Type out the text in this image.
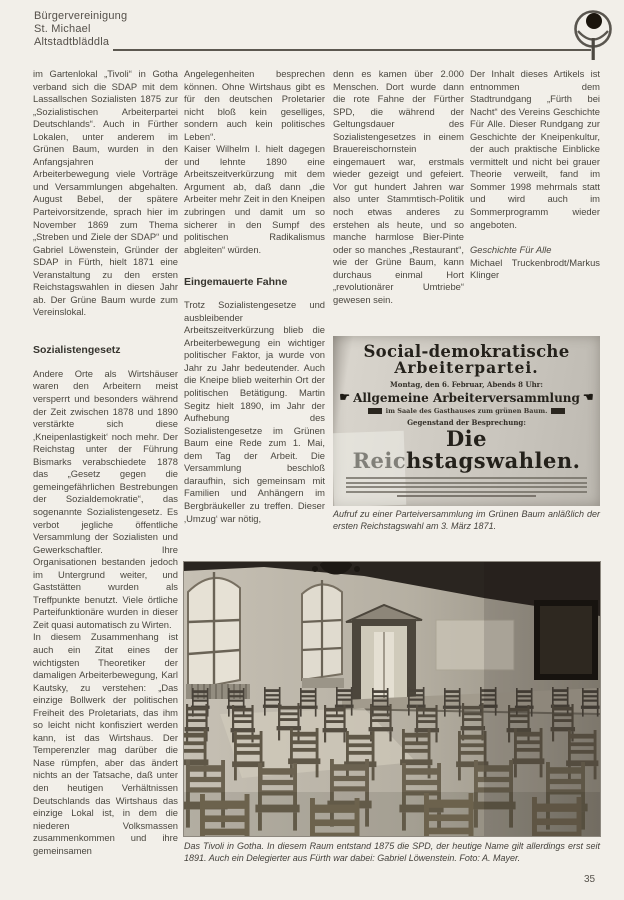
Bürgervereinigung
St. Michael
Altstadtbläddla

im Gartenlokal „Tivoli“ in Gotha verband sich die SDAP mit dem Lassallschen Sozialisten 1875 zur „Sozialistischen Arbeiterpartei Deutschlands“. Auch in Fürther Lokalen, unter anderem im Grünen Baum, wurden in den Anfangsjahren der Arbeiterbewegung viele Vorträge und Versammlungen abgehalten. August Bebel, der spätere Parteivorsitzende, sprach hier im November 1869 zum Thema „Streben und Ziele der SDAP“ und Gabriel Löwenstein, Gründer der SDAP in Fürth, hielt 1871 eine Veranstaltung zu den ersten Reichstagswahlen in diesen Jahr ab. Der Grüne Baum wurde zum Vereinslokal.

Sozialistengesetz

Andere Orte als Wirtshäuser waren den Arbeitern meist versperrt und besonders während der Zeit zwischen 1878 und 1890 verstärkte sich diese ‚Kneipenlastigkeit‘ noch mehr. Der Reichstag unter der Führung Bismarks verabschiedete 1878 das „Gesetz gegen die gemeingefährlichen Bestrebungen der Sozialdemokratie“, das sogenannte Sozialistengesetz. Es verbot jegliche öffentliche Versammlung der Sozialisten und Gewerkschaftler. Ihre Organisationen bestanden jedoch im Untergrund weiter, und Gaststätten wurden als Treffpunkte benutzt. Viele örtliche Parteifunktionäre wurden in dieser Zeit quasi automatisch zu Wirten.

In diesem Zusammenhang ist auch ein Zitat eines der wichtigsten Theoretiker der damaligen Arbeiterbewegung, Karl Kautsky, zu verstehen: „Das einzige Bollwerk der politischen Freiheit des Proletariats, das ihm so leicht nicht konfisziert werden kann, ist das Wirtshaus. Der Temperenzler mag darüber die Nase rümpfen, aber das ändert nichts an der Tatsache, daß unter den heutigen Verhältnissen Deutschlands das Wirtshaus das einzige Lokal ist, in dem die niederen Volksmassen zusammenkommen und ihre gemeinsamen

Angelegenheiten besprechen können. Ohne Wirtshaus gibt es für den deutschen Proletarier nicht bloß kein geselliges, sondern auch kein politisches Leben“.

Kaiser Wilhelm I. hielt dagegen und lehnte 1890 eine Arbeitszeitverkürzung mit dem Argument ab, daß dann „die Arbeiter mehr Zeit in den Kneipen zubringen und damit um so sicherer in den Sumpf des politischen Radikalismus abgleiten“ würden.

Eingemauerte Fahne

Trotz Sozialistengesetze und ausbleibender Arbeitszeitverkürzung blieb die Arbeiterbewegung ein wichtiger politischer Faktor, ja wurde von Jahr zu Jahr bedeutender. Auch die Kneipe blieb weiterhin Ort der politischen Betätigung. Martin Segitz hielt 1890, im Jahr der Aufhebung des Sozialistengesetze im Grünen Baum eine Rede zum 1. Mai, dem Tag der Arbeit. Die Versammlung beschloß daraufhin, sich gemeinsam mit Familien und Anhängern im Bergbräukeller zu treffen. Dieser ‚Umzug‘ war nötig,

denn es kamen über 2.000 Menschen. Dort wurde dann die rote Fahne der Fürther SPD, die während der Geltungsdauer des Sozialistengesetzes in einem Brauereischornstein eingemauert war, erstmals wieder gezeigt und gefeiert. Vor gut hundert Jahren war also unter Stammtisch-Politik noch etwas anderes zu erstehen als heute, und so manche harmlose Bier-Pinte oder so manches „Restaurant“, wie der Grüne Baum, kann durchaus einmal Hort „revolutionärer Umtriebe“ gewesen sein.

Der Inhalt dieses Artikels ist entnommen dem Stadtrundgang „Fürth bei Nacht“ des Vereins Geschichte Für Alle. Dieser Rundgang zur Geschichte der Kneipenkultur, der auch praktische Einblicke vermittelt und nicht bei grauer Theorie verweilt, fand im Sommer 1998 mehrmals statt und wird auch im Sommerprogramm wieder angeboten.

Geschichte Für Alle
Michael Truckenbrodt/Markus Klinger
Social-demokratische
Arbeiterpartei.
Montag, den 6. Februar, Abends 8 Uhr:
☛ Allgemeine Arbeiterversammlung ☚
im Saale des Gasthauses zum grünen Baum.
Gegenstand der Besprechung:
Die Reichstagswahlen.
Aufruf zu einer Parteiversammlung im Grünen Baum anläßlich der ersten Reichstagswahl am 3. März 1871.
Das Tivoli in Gotha. In diesem Raum entstand 1875 die SPD, der heutige Name gilt allerdings erst seit 1891. Auch ein Delegierter aus Fürth war dabei: Gabriel Löwenstein. Foto: A. Mayer.
35
